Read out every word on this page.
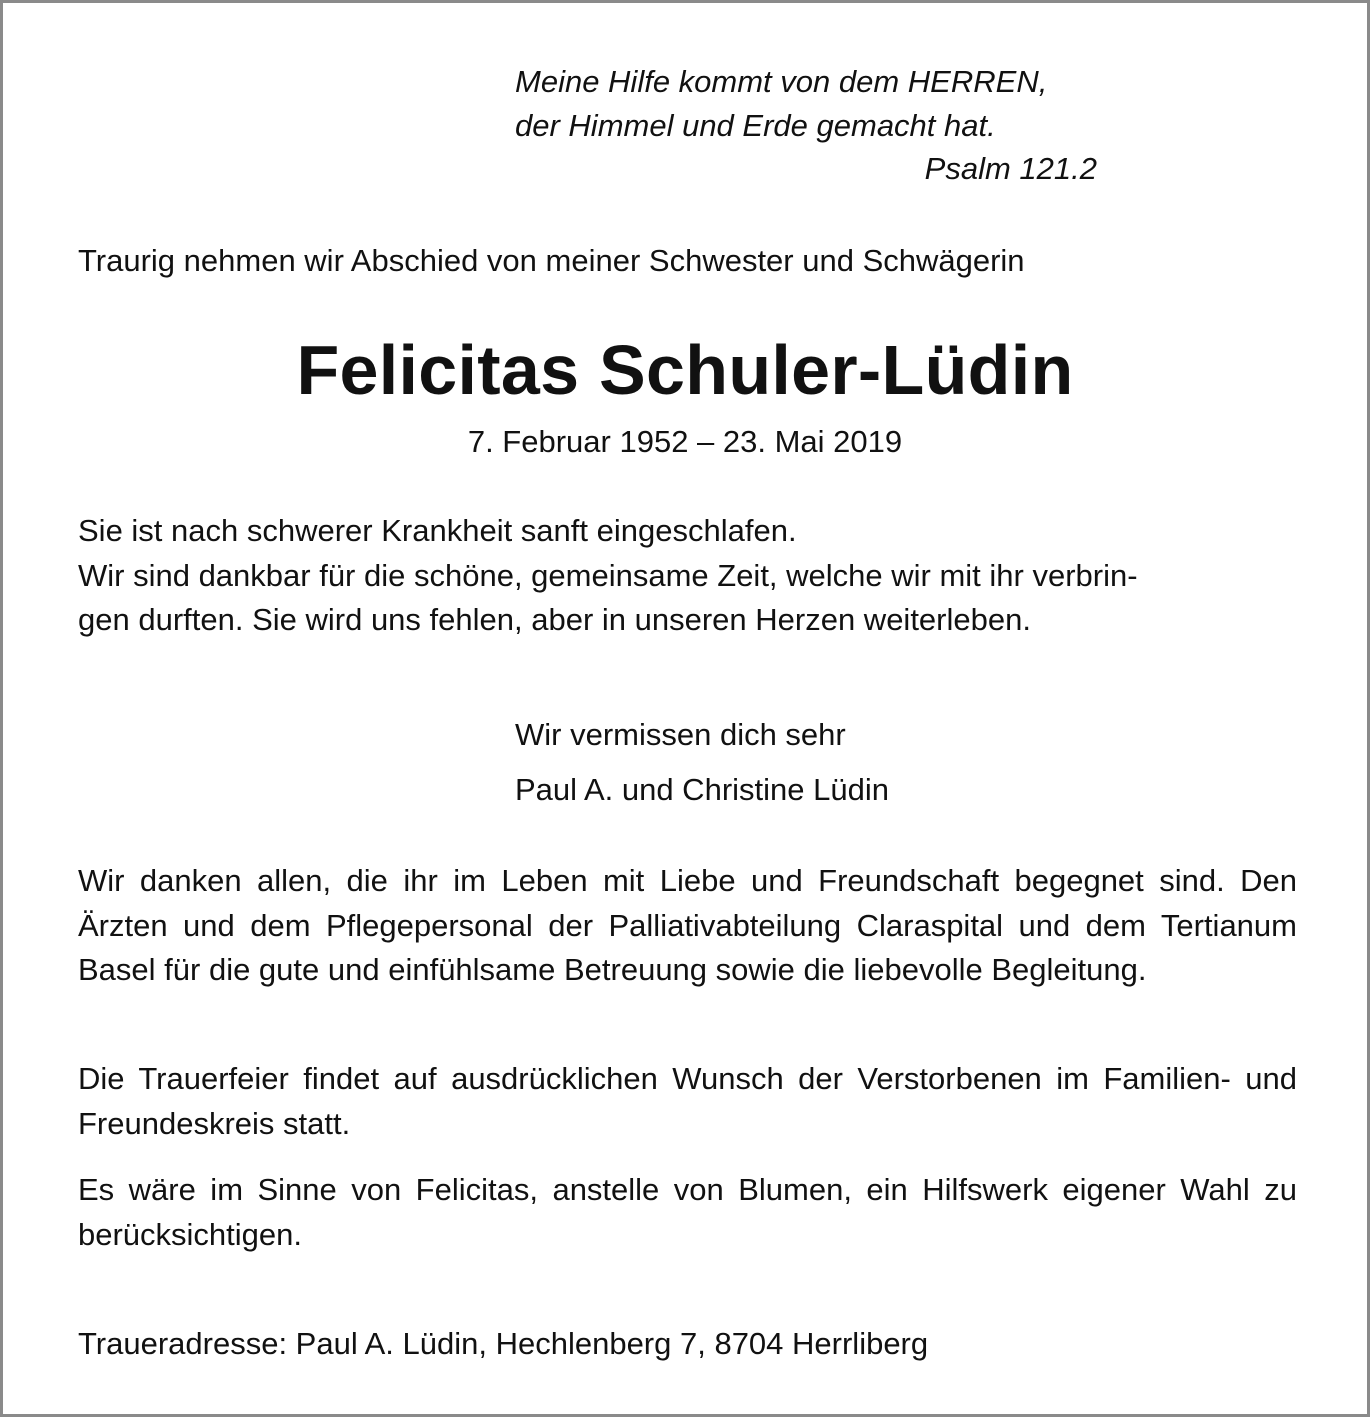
Meine Hilfe kommt von dem HERREN,
der Himmel und Erde gemacht hat.
Psalm 121.2
Traurig nehmen wir Abschied von meiner Schwester und Schwägerin
Felicitas Schuler-Lüdin
7. Februar 1952 – 23. Mai 2019
Sie ist nach schwerer Krankheit sanft eingeschlafen.
Wir sind dankbar für die schöne, gemeinsame Zeit, welche wir mit ihr verbrin-
gen durften. Sie wird uns fehlen, aber in unseren Herzen weiterleben.
Wir vermissen dich sehr
Paul A. und Christine Lüdin
Wir danken allen, die ihr im Leben mit Liebe und Freundschaft begegnet sind. Den Ärzten und dem Pflegepersonal der Palliativabteilung Claraspital und dem Tertianum Basel für die gute und einfühlsame Betreuung sowie die liebevolle Begleitung.
Die Trauerfeier findet auf ausdrücklichen Wunsch der Verstorbenen im Familien- und Freundeskreis statt.
Es wäre im Sinne von Felicitas, anstelle von Blumen, ein Hilfswerk eigener Wahl zu berücksichtigen.
Traueradresse: Paul A. Lüdin, Hechlenberg 7, 8704 Herrliberg
